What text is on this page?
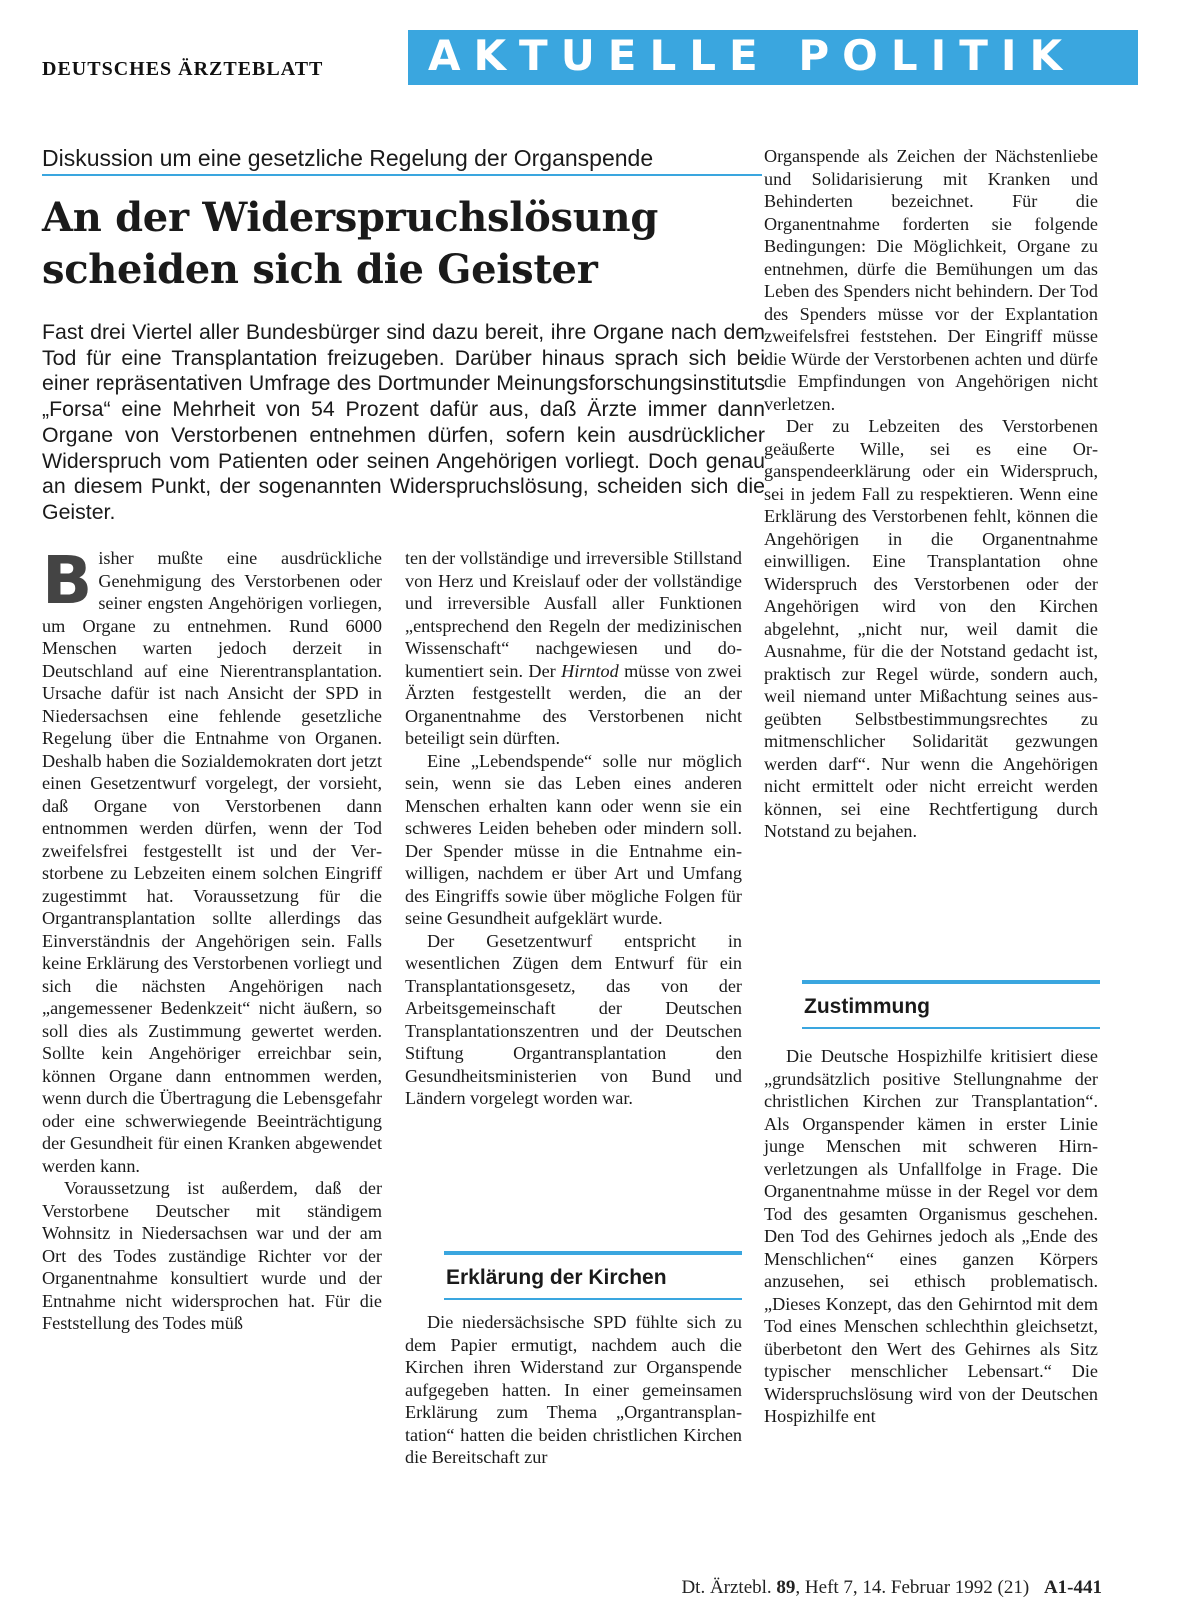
DEUTSCHES ÄRZTEBLATT AKTUELLE POLITIK
Diskussion um eine gesetzliche Regelung der Organspende
An der Widerspruchslösung
scheiden sich die Geister

Fast drei Viertel aller Bundesbürger sind dazu bereit, ihre Organe nach dem Tod für eine Transplantation freizugeben. Darüber hinaus sprach sich bei einer repräsentativen Umfrage des Dortmunder Meinungsforschungsinstituts „Forsa“ eine Mehrheit von 54 Prozent dafür aus, daß Ärzte immer dann Organe von Verstorbenen entnehmen dürfen, sofern kein ausdrücklicher Widerspruch vom Patienten oder seinen Angehörigen vorliegt. Doch genau an diesem Punkt, der sogenannten Widerspruchslösung, scheiden sich die Geister.

Bisher mußte eine ausdrückliche Genehmigung des Verstorbenen oder seiner engsten Angehörigen vorliegen, um Organe zu entnehmen. Rund 6000 Menschen warten jedoch derzeit in Deutschland auf eine Nierentransplantation. Ursache dafür ist nach Ansicht der SPD in Niedersachsen eine fehlende gesetzliche Regelung über die Entnahme von Organen. Deshalb haben die Sozialdemokraten dort jetzt einen Gesetzentwurf vorgelegt, der vorsieht, daß Organe von Verstorbenen dann entnommen werden dürfen, wenn der Tod zweifelsfrei festgestellt ist und der Verstorbene zu Lebzeiten einem solchen Eingriff zugestimmt hat. Voraussetzung für die Organtransplantation sollte allerdings das Einverständnis der Angehörigen sein. Falls keine Erklärung des Verstorbenen vorliegt und sich die nächsten Angehörigen nach „angemessener Bedenkzeit“ nicht äußern, so soll dies als Zustimmung gewertet werden. Sollte kein Angehöriger erreichbar sein, können Organe dann entnommen werden, wenn durch die Übertragung die Lebensgefahr oder eine schwerwiegende Beeinträchtigung der Gesundheit für einen Kranken abgewendet werden kann.

Voraussetzung ist außerdem, daß der Verstorbene Deutscher mit ständigem Wohnsitz in Niedersachsen war und der am Ort des Todes zuständige Richter vor der Organentnahme konsultiert wurde und der Entnahme nicht widersprochen hat. Für die Feststellung des Todes müß

ten der vollständige und irreversible Stillstand von Herz und Kreislauf oder der vollständige und irreversible Ausfall aller Funktionen „entsprechend den Regeln der medizinischen Wissenschaft“ nachgewiesen und dokumentiert sein. Der Hirntod müsse von zwei Ärzten festgestellt werden, die an der Organentnahme des Verstorbenen nicht beteiligt sein dürften.

Eine „Lebendspende“ solle nur möglich sein, wenn sie das Leben eines anderen Menschen erhalten kann oder wenn sie ein schweres Leiden beheben oder mindern soll. Der Spender müsse in die Entnahme einwilligen, nachdem er über Art und Umfang des Eingriffs sowie über mögliche Folgen für seine Gesundheit aufgeklärt wurde.

Der Gesetzentwurf entspricht in wesentlichen Zügen dem Entwurf für ein Transplantationsgesetz, das von der Arbeitsgemeinschaft der Deutschen Transplantationszentren und der Deutschen Stiftung Organtransplantation den Gesundheitsministerien von Bund und Ländern vorgelegt worden war.

Erklärung der Kirchen

Die niedersächsische SPD fühlte sich zu dem Papier ermutigt, nachdem auch die Kirchen ihren Widerstand zur Organspende aufgegeben hatten. In einer gemeinsamen Erklärung zum Thema „Organtransplantation“ hatten die beiden christlichen Kirchen die Bereitschaft zur

Organspende als Zeichen der Nächstenliebe und Solidarisierung mit Kranken und Behinderten bezeichnet. Für die Organentnahme forderten sie folgende Bedingungen: Die Möglichkeit, Organe zu entnehmen, dürfe die Bemühungen um das Leben des Spenders nicht behindern. Der Tod des Spenders müsse vor der Explantation zweifelsfrei feststehen. Der Eingriff müsse die Würde der Verstorbenen achten und dürfe die Empfindungen von Angehörigen nicht verletzen.

Der zu Lebzeiten des Verstorbenen geäußerte Wille, sei es eine Organspendeerklärung oder ein Widerspruch, sei in jedem Fall zu respektieren. Wenn eine Erklärung des Verstorbenen fehlt, können die Angehörigen in die Organentnahme einwilligen. Eine Transplantation ohne Widerspruch des Verstorbenen oder der Angehörigen wird von den Kirchen abgelehnt, „nicht nur, weil damit die Ausnahme, für die der Notstand gedacht ist, praktisch zur Regel würde, sondern auch, weil niemand unter Mißachtung seines ausgeübten Selbstbestimmungsrechtes zu mitmenschlicher Solidarität gezwungen werden darf“. Nur wenn die Angehörigen nicht ermittelt oder nicht erreicht werden können, sei eine Rechtfertigung durch Notstand zu bejahen.

Zustimmung

Die Deutsche Hospizhilfe kritisiert diese „grundsätzlich positive Stellungnahme der christlichen Kirchen zur Transplantation“. Als Organspender kämen in erster Linie junge Menschen mit schweren Hirnverletzungen als Unfallfolge in Frage. Die Organentnahme müsse in der Regel vor dem Tod des gesamten Organismus geschehen. Den Tod des Gehirnes jedoch als „Ende des Menschlichen“ eines ganzen Körpers anzusehen, sei ethisch problematisch. „Dieses Konzept, das den Gehirntod mit dem Tod eines Menschen schlechthin gleichsetzt, überbetont den Wert des Gehirnes als Sitz typischer menschlicher Lebensart.“ Die Widerspruchslösung wird von der Deutschen Hospizhilfe ent

Dt. Ärztebl. 89, Heft 7, 14. Februar 1992 (21) A1-441
